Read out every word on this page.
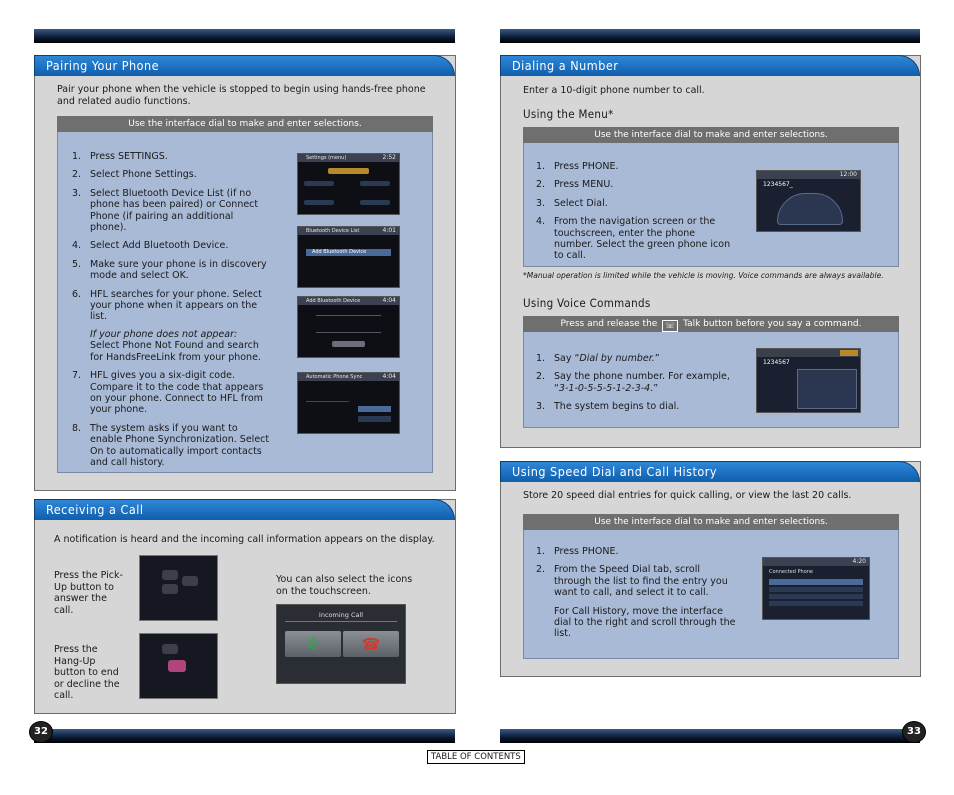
Pairing Your Phone
Pair your phone when the vehicle is stopped to begin using hands-free phone and related audio functions.
Use the interface dial to make and enter selections.
1. Press SETTINGS.
2. Select Phone Settings.
3. Select Bluetooth Device List (if no phone has been paired) or Connect Phone (if pairing an additional phone).
4. Select Add Bluetooth Device.
5. Make sure your phone is in discovery mode and select OK.
6. HFL searches for your phone. Select your phone when it appears on the list.
If your phone does not appear:
Select Phone Not Found and search for HandsFreeLink from your phone.
7. HFL gives you a six-digit code. Compare it to the code that appears on your phone. Connect to HFL from your phone.
8. The system asks if you want to enable Phone Synchronization. Select On to automatically import contacts and call history.
Settings (menu)	2:52

Bluetooth Device List	4:01
Add Bluetooth Device
Add Bluetooth Device	4:04
Automatic Phone Sync	4:04
Receiving a Call
A notification is heard and the incoming call information appears on the display.
Press the Pick-Up button to answer the call.
Press the Hang-Up button to end or decline the call.
You can also select the icons on the touchscreen.
Incoming Call
✆	☎
32
Dialing a Number
Enter a 10-digit phone number to call.
Using the Menu*
Use the interface dial to make and enter selections.
1. Press PHONE.
2. Press MENU.
3. Select Dial.
4. From the navigation screen or the touchscreen, enter the phone number. Select the green phone icon to call.
12:00
1234567_
*Manual operation is limited while the vehicle is moving. Voice commands are always available.
Using Voice Commands
Press and release the ☏ Talk button before you say a command.
1. Say “Dial by number.”
2. Say the phone number. For example, “3-1-0-5-5-5-1-2-3-4.”
3. The system begins to dial.
1234567
Using Speed Dial and Call History
Store 20 speed dial entries for quick calling, or view the last 20 calls.
Use the interface dial to make and enter selections.
1. Press PHONE.
2. From the Speed Dial tab, scroll through the list to find the entry you want to call, and select it to call.
For Call History, move the interface dial to the right and scroll through the list.
4:20
Connected Phone
33
TABLE OF CONTENTS
